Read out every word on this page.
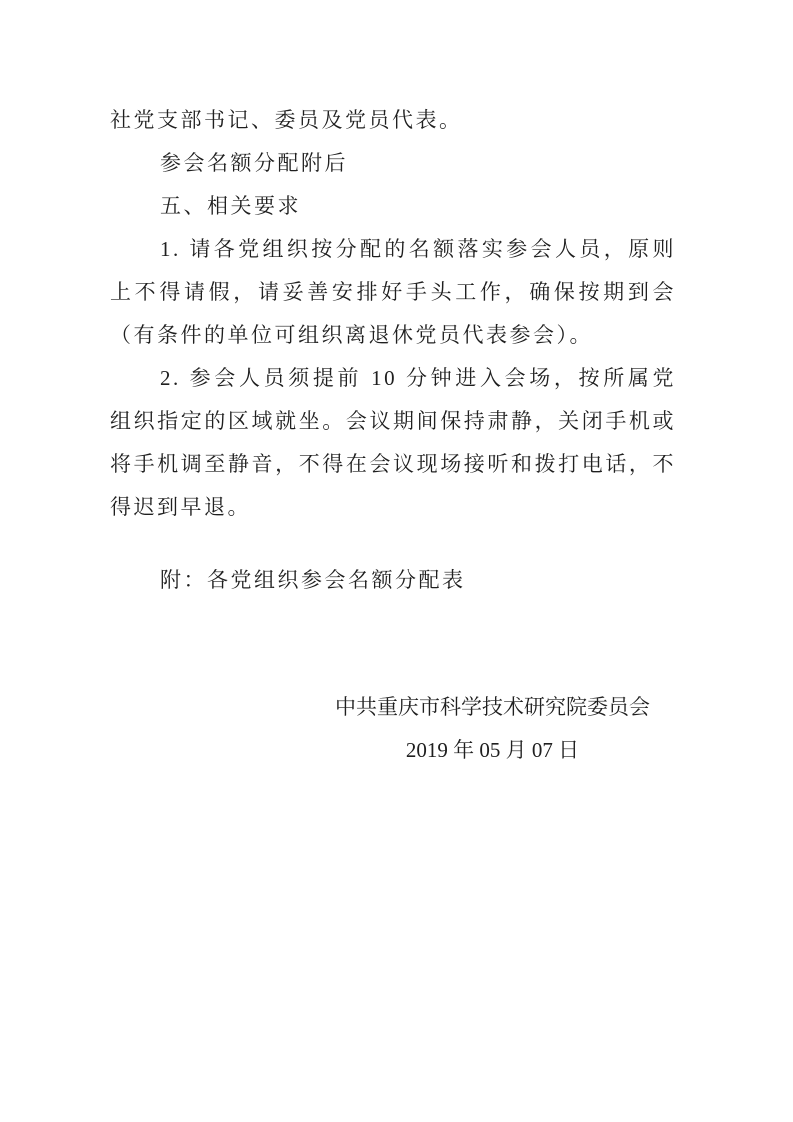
社党支部书记、委员及党员代表。

参会名额分配附后

五、相关要求

1. 请各党组织按分配的名额落实参会人员，原则上不得请假，请妥善安排好手头工作，确保按期到会（有条件的单位可组织离退休党员代表参会）。

2. 参会人员须提前 10 分钟进入会场，按所属党组织指定的区域就坐。会议期间保持肃静，关闭手机或将手机调至静音，不得在会议现场接听和拨打电话，不得迟到早退。

附：各党组织参会名额分配表

中共重庆市科学技术研究院委员会

2019 年 05 月 07 日
